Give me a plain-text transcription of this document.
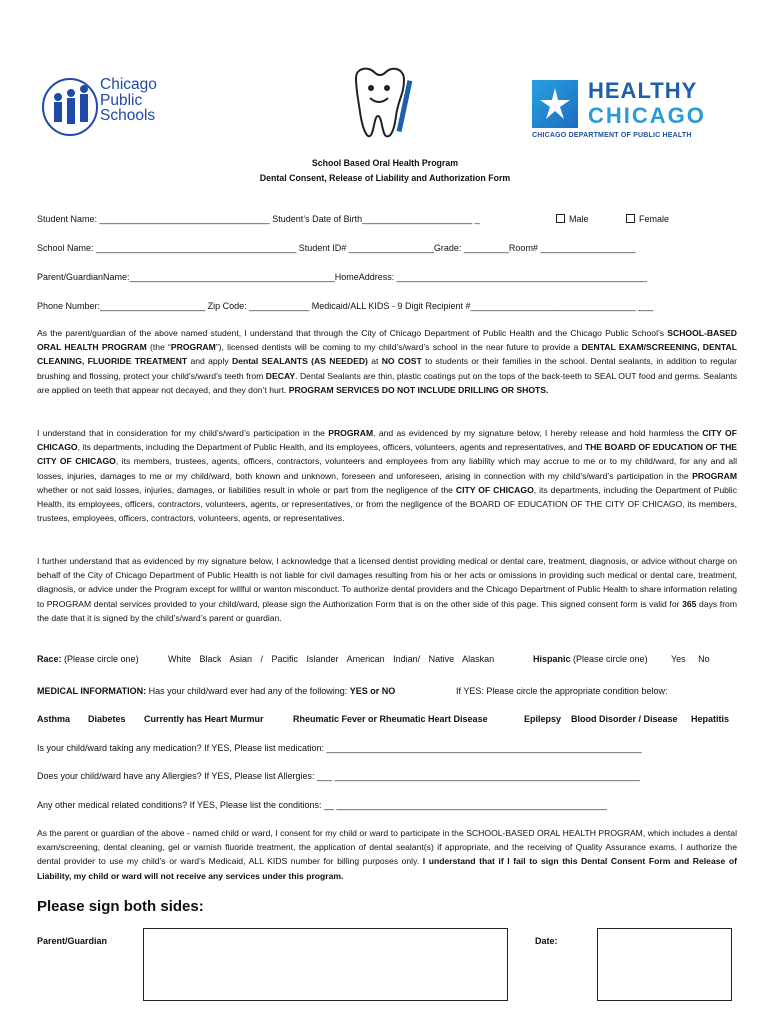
Chicago
Public
Schools
HEALTHY
CHICAGO
CHICAGO DEPARTMENT OF PUBLIC HEALTH
School Based Oral Health Program
Dental Consent, Release of Liability and Authorization Form
Student Name: __________________________________ Student’s Date of Birth______________________ _	Male	Female
School Name: ________________________________________ Student ID# _________________Grade: _________Room# ___________________
Parent/GuardianName:_________________________________________HomeAddress: __________________________________________________
Phone Number:_____________________ Zip Code: ____________ Medicaid/ALL KIDS - 9 Digit Recipient #_________________________________ ___
As the parent/guardian of the above named student, I understand that through the City of Chicago Department of Public Health and the Chicago Public School’s SCHOOL-BASED ORAL HEALTH PROGRAM (the “PROGRAM”), licensed dentists will be coming to my child’s/ward’s school in the near future to provide a DENTAL EXAM/SCREENING, DENTAL CLEANING, FLUORIDE TREATMENT and apply Dental SEALANTS (AS NEEDED) at NO COST to students or their families in the school. Dental sealants, in addition to regular brushing and flossing, protect your child’s/ward’s teeth from DECAY. Dental Sealants are thin, plastic coatings put on the tops of the back-teeth to SEAL OUT food and germs. Sealants are applied on teeth that appear not decayed, and they don’t hurt. PROGRAM SERVICES DO NOT INCLUDE DRILLING OR SHOTS.
I understand that in consideration for my child’s/ward’s participation in the PROGRAM, and as evidenced by my signature below, I hereby release and hold harmless the CITY OF CHICAGO, its departments, including the Department of Public Health, and its employees, officers, volunteers, agents and representatives, and THE BOARD OF EDUCATION OF THE CITY OF CHICAGO, its members, trustees, agents, officers, contractors, volunteers and employees from any liability which may accrue to me or to my child/ward, for any and all losses, injuries, damages to me or my child/ward, both known and unknown, foreseen and unforeseen, arising in connection with my child’s/ward’s participation in the PROGRAM whether or not said losses, injuries, damages, or liabilities result in whole or part from the negligence of the CITY OF CHICAGO, its departments, including the Department of Public Health, its employees, officers, contractors, volunteers, agents, or representatives, or from the negligence of the BOARD OF EDUCATION OF THE CITY OF CHICAGO, its members, trustees, employees, officers, contractors, volunteers, agents, or representatives.
I further understand that as evidenced by my signature below, I acknowledge that a licensed dentist providing medical or dental care, treatment, diagnosis, or advice without charge on behalf of the City of Chicago Department of Public Health is not liable for civil damages resulting from his or her acts or omissions in providing such medical or dental care, treatment, diagnosis, or advice under the Program except for willful or wanton misconduct. To authorize dental providers and the Chicago Department of Public Health to share information relating to PROGRAM dental services provided to your child/ward, please sign the Authorization Form that is on the other side of this page. This signed consent form is valid for 365 days from the date that it is signed by the child’s/ward’s parent or guardian.
Race: (Please circle one)	White Black Asian / Pacific Islander American Indian/ Native Alaskan	Hispanic (Please circle one)	Yes No
MEDICAL INFORMATION: Has your child/ward ever had any of the following: YES or NO	If YES: Please circle the appropriate condition below:
Asthma Diabetes Currently has Heart Murmur	Rheumatic Fever or Rheumatic Heart Disease	Epilepsy Blood Disorder / Disease Hepatitis
Is your child/ward taking any medication? If YES, Please list medication: _______________________________________________________________
Does your child/ward have any Allergies? If YES, Please list Allergies: ___ _____________________________________________________________
Any other medical related conditions? If YES, Please list the conditions: __ ______________________________________________________
As the parent or guardian of the above - named child or ward, I consent for my child or ward to participate in the SCHOOL-BASED ORAL HEALTH PROGRAM, which includes a dental exam/screening, dental cleaning, gel or varnish fluoride treatment, the application of dental sealant(s) if appropriate, and the receiving of Quality Assurance exams. I authorize the dental provider to use my child’s or ward’s Medicaid, ALL KIDS number for billing purposes only. I understand that if I fail to sign this Dental Consent Form and Release of Liability, my child or ward will not receive any services under this program.
Please sign both sides:
Parent/Guardian	Date:
